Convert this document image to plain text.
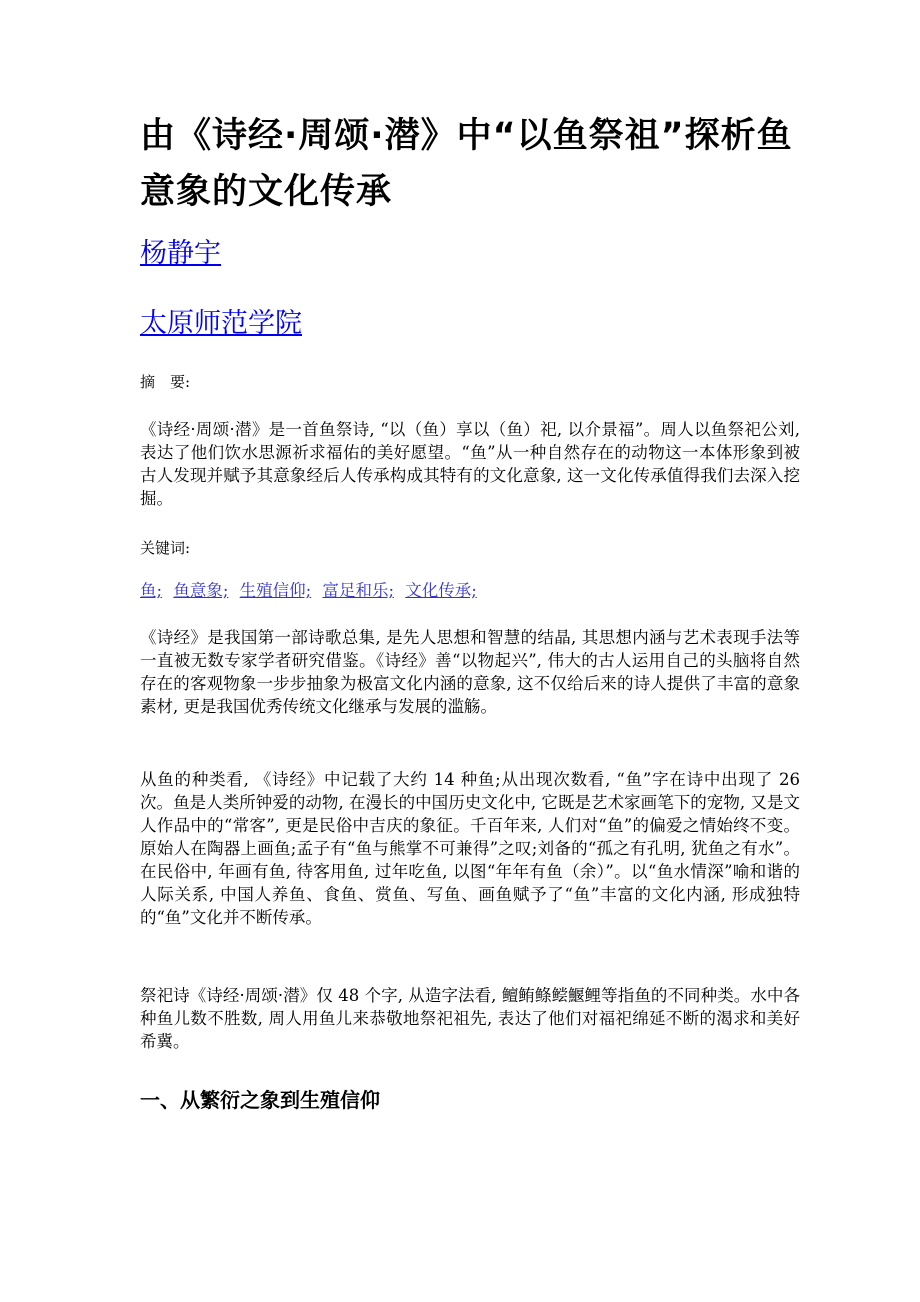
由《诗经·周颂·潜》中“以鱼祭祖”探析鱼意象的文化传承
杨静宇
太原师范学院
摘　要:

《诗经·周颂·潜》是一首鱼祭诗, “以（鱼）享以（鱼）祀, 以介景福”。周人以鱼祭祀公刘, 表达了他们饮水思源祈求福佑的美好愿望。“鱼”从一种自然存在的动物这一本体形象到被古人发现并赋予其意象经后人传承构成其特有的文化意象, 这一文化传承值得我们去深入挖掘。

关键词:
鱼; 鱼意象; 生殖信仰; 富足和乐; 文化传承;

《诗经》是我国第一部诗歌总集, 是先人思想和智慧的结晶, 其思想内涵与艺术表现手法等一直被无数专家学者研究借鉴。《诗经》善“以物起兴”, 伟大的古人运用自己的头脑将自然存在的客观物象一步步抽象为极富文化内涵的意象, 这不仅给后来的诗人提供了丰富的意象素材, 更是我国优秀传统文化继承与发展的滥觞。

从鱼的种类看, 《诗经》中记载了大约 14 种鱼;从出现次数看, “鱼”字在诗中出现了 26 次。鱼是人类所钟爱的动物, 在漫长的中国历史文化中, 它既是艺术家画笔下的宠物, 又是文人作品中的“常客”, 更是民俗中吉庆的象征。千百年来, 人们对“鱼”的偏爱之情始终不变。原始人在陶器上画鱼;孟子有“鱼与熊掌不可兼得”之叹;刘备的“孤之有孔明, 犹鱼之有水”。在民俗中, 年画有鱼, 待客用鱼, 过年吃鱼, 以图“年年有鱼（余）”。以“鱼水情深”喻和谐的人际关系, 中国人养鱼、食鱼、赏鱼、写鱼、画鱼赋予了“鱼”丰富的文化内涵, 形成独特的“鱼”文化并不断传承。

祭祀诗《诗经·周颂·潜》仅 48 个字, 从造字法看, 鳣鲔鲦鲿鰋鲤等指鱼的不同种类。水中各种鱼儿数不胜数, 周人用鱼儿来恭敬地祭祀祖先, 表达了他们对福祀绵延不断的渴求和美好希冀。

一、从繁衍之象到生殖信仰
